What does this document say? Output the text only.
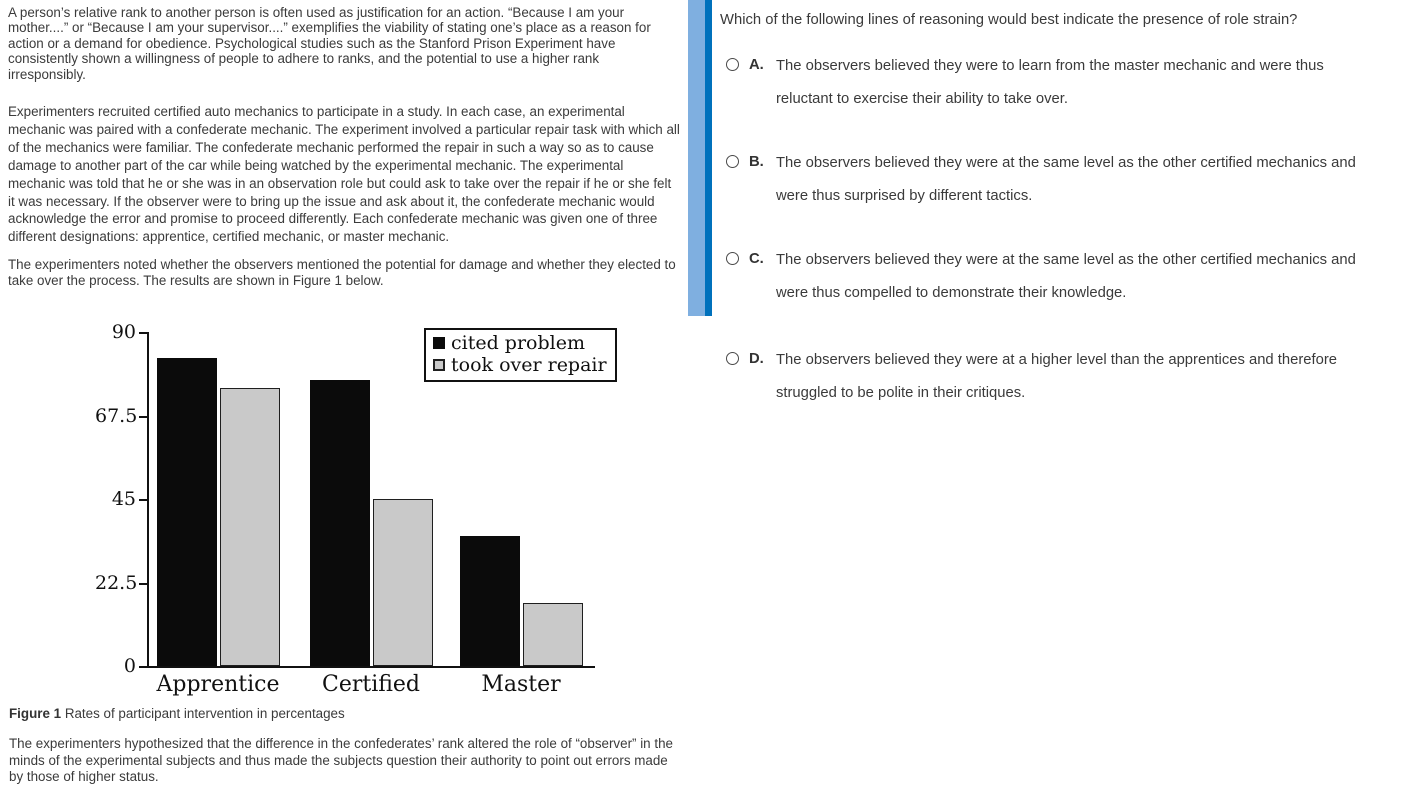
A person’s relative rank to another person is often used as justification for an action. “Because I am your mother....” or “Because I am your supervisor....” exemplifies the viability of stating one’s place as a reason for action or a demand for obedience. Psychological studies such as the Stanford Prison Experiment have consistently shown a willingness of people to adhere to ranks, and the potential to use a higher rank irresponsibly.

Experimenters recruited certified auto mechanics to participate in a study. In each case, an experimental mechanic was paired with a confederate mechanic. The experiment involved a particular repair task with which all of the mechanics were familiar. The confederate mechanic performed the repair in such a way so as to cause damage to another part of the car while being watched by the experimental mechanic. The experimental mechanic was told that he or she was in an observation role but could ask to take over the repair if he or she felt it was necessary. If the observer were to bring up the issue and ask about it, the confederate mechanic would acknowledge the error and promise to proceed differently. Each confederate mechanic was given one of three different designations: apprentice, certified mechanic, or master mechanic.

The experimenters noted whether the observers mentioned the potential for damage and whether they elected to take over the process. The results are shown in Figure 1 below.

0
22.5
45
67.5
90
Apprentice	Certified	Master
cited problem
took over repair
Figure 1 Rates of participant intervention in percentages

The experimenters hypothesized that the difference in the confederates’ rank altered the role of “observer” in the minds of the experimental subjects and thus made the subjects question their authority to point out errors made by those of higher status.

Which of the following lines of reasoning would best indicate the presence of role strain?
A. The observers believed they were to learn from the master mechanic and were thus
reluctant to exercise their ability to take over.
B. The observers believed they were at the same level as the other certified mechanics and
were thus surprised by different tactics.
C. The observers believed they were at the same level as the other certified mechanics and
were thus compelled to demonstrate their knowledge.
D. The observers believed they were at a higher level than the apprentices and therefore
struggled to be polite in their critiques.
